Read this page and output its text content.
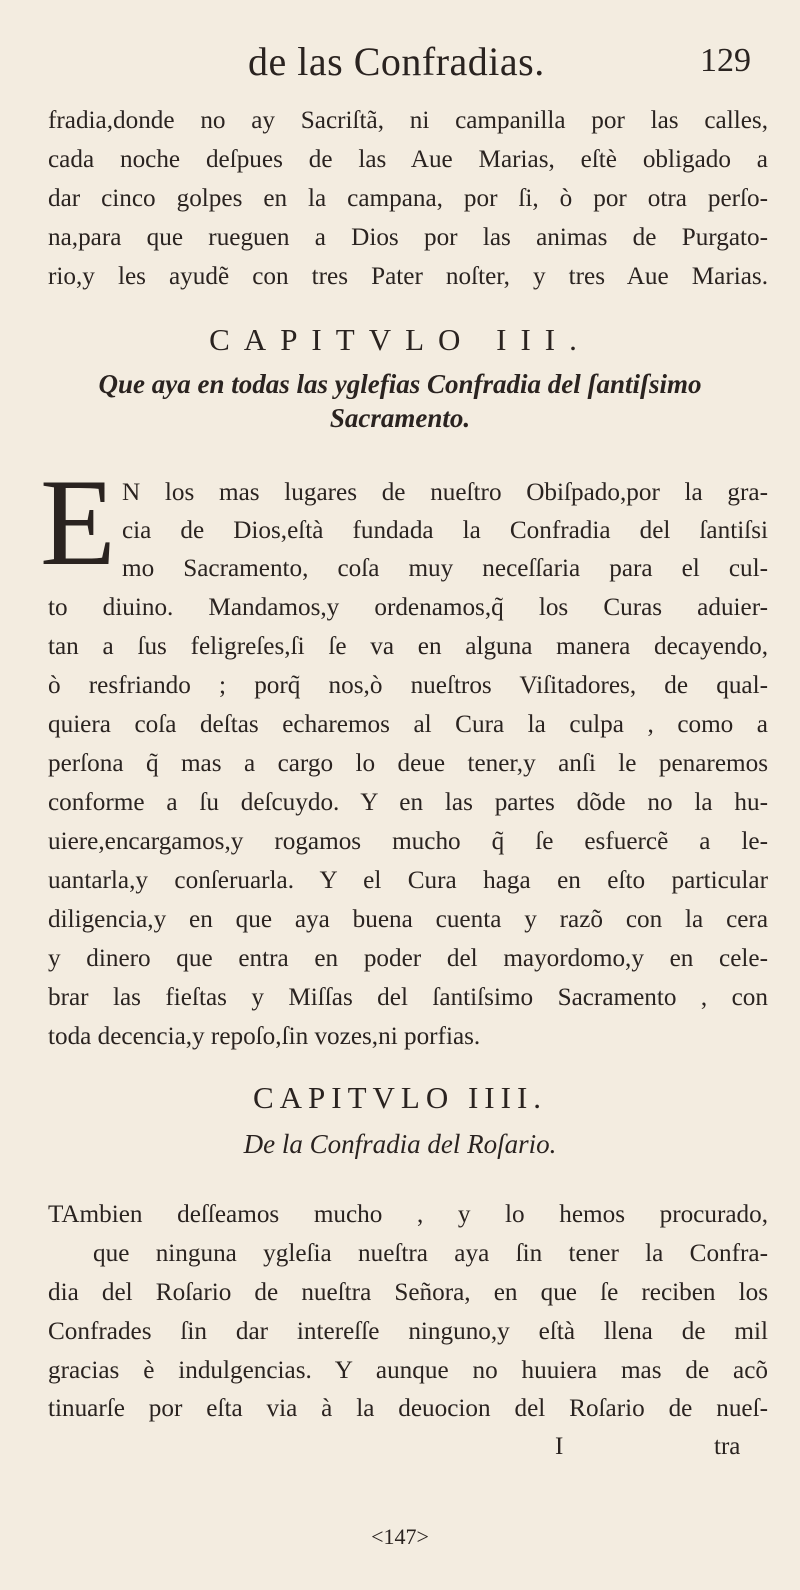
de las Confradias.	129
fradia,donde no ay Sacriſtã, ni campanilla por las calles,
cada noche deſpues de las Aue Marias, eſtè obligado a
dar cinco golpes en la campana, por ſi, ò por otra perſo-
na,para que rueguen a Dios por las animas de Purgato-
rio,y les ayudẽ con tres Pater noſter, y tres Aue Marias.
CAPITVLO III.
Que aya en todas las yglefias Confradia del ſantiſsimo
Sacramento.
E N los mas lugares de nueſtro Obiſpado,por la gra-
cia de Dios,eſtà fundada la Confradia del ſantiſsi
mo Sacramento, coſa muy neceſſaria para el cul-
to diuino. Mandamos,y ordenamos,q̃ los Curas aduier-
tan a ſus feligreſes,ſi ſe va en alguna manera decayendo,
ò resfriando ; porq̃ nos,ò nueſtros Viſitadores, de qual-
quiera coſa deſtas echaremos al Cura la culpa , como a
perſona q̃ mas a cargo lo deue tener,y anſi le penaremos
conforme a ſu deſcuydo. Y en las partes dõde no la hu-
uiere,encargamos,y rogamos mucho q̃ ſe esfuercẽ a le-
uantarla,y conſeruarla. Y el Cura haga en eſto particular
diligencia,y en que aya buena cuenta y razõ con la cera
y dinero que entra en poder del mayordomo,y en cele-
brar las fieſtas y Miſſas del ſantiſsimo Sacramento , con
toda decencia,y repoſo,ſin vozes,ni porfias.
CAPITVLO IIII.
De la Confradia del Roſario.
TAmbien deſſeamos mucho , y lo hemos procurado,
que ninguna ygleſia nueſtra aya ſin tener la Confra-
dia del Roſario de nueſtra Señora, en que ſe reciben los
Confrades ſin dar intereſſe ninguno,y eſtà llena de mil
gracias è indulgencias. Y aunque no huuiera mas de acõ
tinuarſe por eſta via à la deuocion del Roſario de nueſ-
I	tra
<147>
